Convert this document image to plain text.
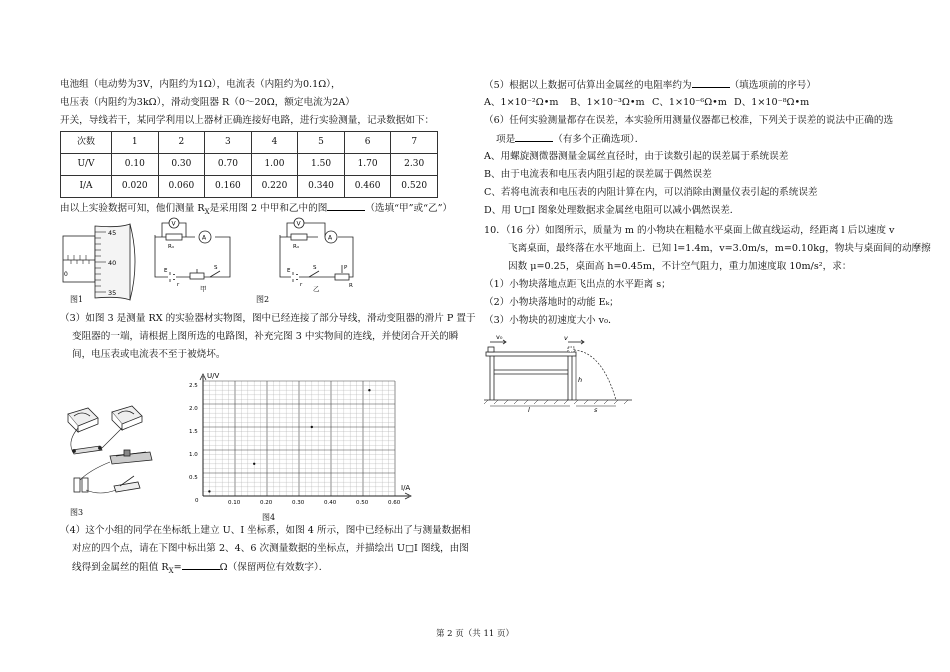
电池组（电动势为3V，内阻约为1Ω），电流表（内阻约为0.1Ω），
电压表（内阻约为3kΩ），滑动变阻器 R（0～20Ω，额定电流为2A）
开关，导线若干，某同学利用以上器材正确连接好电路，进行实验测量，记录数据如下：
次数	1	2	3	4	5	6	7
U/V	0.10	0.30	0.70	1.00	1.50	1.70	2.30
I/A	0.020	0.060	0.160	0.220	0.340	0.460	0.520
由以上实验数据可知，他们测量 $R_X$是采用图 2 中甲和乙中的图	（选填“甲”或“乙”）
45
40
35
0
图1
V
Rₓ
A
E
r
S
甲
V
Rₓ
A
E
r
S	P
R
乙
图2
（3）如图 3 是测量 RX 的实验器材实物图，图中已经连接了部分导线，滑动变阻器的滑片 P 置于
变阻器的一端，请根据上图所选的电路图，补充完图 3 中实物间的连线，并使闭合开关的瞬
间，电压表或电流表不至于被烧坏。
图3
U/V
I/A
2.5
2.0
1.5
1.0
0.5
0	0.10	0.20	0.30	0.40	0.50	0.60
图4
（4）这个小组的同学在坐标纸上建立 U、I 坐标系，如图 4 所示，图中已经标出了与测量数据相
对应的四个点，请在下图中标出第 2、4、6 次测量数据的坐标点，并描绘出 U□I 图线，由图
线得到金属丝的阻值 $R_X=$	Ω（保留两位有效数字）．
（5）根据以上数据可估算出金属丝的电阻率约为	（填选项前的序号）
A、1×10⁻²Ω•m B、1×10⁻³Ω•m C、1×10⁻⁶Ω•m D、1×10⁻⁸Ω•m
（6）任何实验测量都存在误差，本实验所用测量仪器都已校准，下列关于误差的说法中正确的选
项是	（有多个正确选项）．
A、用螺旋测微器测量金属丝直径时，由于读数引起的误差属于系统误差
B、由于电流表和电压表内阻引起的误差属于偶然误差
C、若将电流表和电压表的内阻计算在内，可以消除由测量仪表引起的系统误差
D、用 U□I 图象处理数据求金属丝电阻可以减小偶然误差．
10．（16 分）如图所示，质量为 m 的小物块在粗糙水平桌面上做直线运动，经距离 l 后以速度 v
飞离桌面，最终落在水平地面上．已知 l=1.4m，v=3.0m/s，m=0.10kg，物块与桌面间的动摩擦
因数 μ=0.25，桌面高 h=0.45m，不计空气阻力，重力加速度取 10m/s²，求：
（1）小物块落地点距飞出点的水平距离 s；
（2）小物块落地时的动能 Eₖ；
（3）小物块的初速度大小 v₀．
v₀	v
h
l	s
第 2 页（共 11 页）
